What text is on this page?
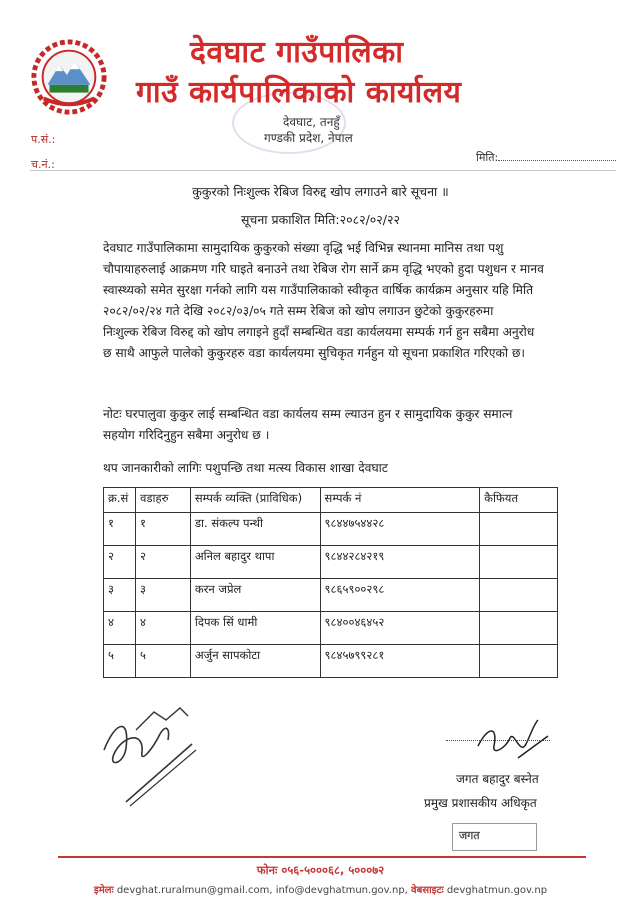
देवघाट गाउँपालिका
गाउँ कार्यपालिकाको कार्यालय
देवघाट, तनहुँ
गण्डकी प्रदेश, नेपाल
प.सं.:
च.नं.:
मिति:
कुकुरको निःशुल्क रेबिज विरुद्द खोप लगाउने बारे सूचना ॥
सूचना प्रकाशित मिति:२०८२/०२/२२
देवघाट गाउँपालिकामा सामुदायिक कुकुरको संख्या वृद्धि भई विभिन्न स्थानमा मानिस तथा पशु
चौपायाहरुलाई आक्रमण गरि घाइते बनाउने तथा रेबिज रोग सार्ने क्रम वृद्धि भएको हुदा पशुधन र मानव
स्वास्थ्यको समेत सुरक्षा गर्नको लागि यस गाउँपालिकाको स्वीकृत वार्षिक कार्यक्रम अनुसार यहि मिति
२०८२/०२/२४ गते देखि २०८२/०३/०५ गते सम्म रेबिज को खोप लगाउन छुटेको कुकुरहरुमा
निःशुल्क रेबिज विरुद्द को खोप लगाइने हुदाँ सम्बन्धित वडा कार्यलयमा सम्पर्क गर्न हुन सबैमा अनुरोध
छ साथै आफुले पालेको कुकुरहरु वडा कार्यलयमा सुचिकृत गर्नहुन यो सूचना प्रकाशित गरिएको छ।
नोटः घरपालुवा कुकुर लाई सम्बन्धित वडा कार्यलय सम्म ल्याउन हुन र सामुदायिक कुकुर समात्न
सहयोग गरिदिनुहुन सबैमा अनुरोध छ ।
थप जानकारीको लागिः पशुपन्छि तथा मत्स्य विकास शाखा देवघाट
क्र.सं	वडाहरु	सम्पर्क व्यक्ति (प्राविधिक)	सम्पर्क नं	कैफियत
१	१	डा. संकल्प पन्थी	९८४४७५४४२८	
२	२	अनिल बहादुर थापा	९८४४२८४२१९	
३	३	करन जप्रेल	९८६५९००२९८	
४	४	दिपक सिं धामी	९८४००४६४५२	
५	५	अर्जुन सापकोटा	९८४५७९९२८१	
जगत बहादुर बस्नेत
प्रमुख प्रशासकीय अधिकृत
जगत
फोनः ०५६-५०००६८, ५०००७२
इमेलः devghat.ruralmun@gmail.com, info@devghatmun.gov.np, वेबसाइटः devghatmun.gov.np
